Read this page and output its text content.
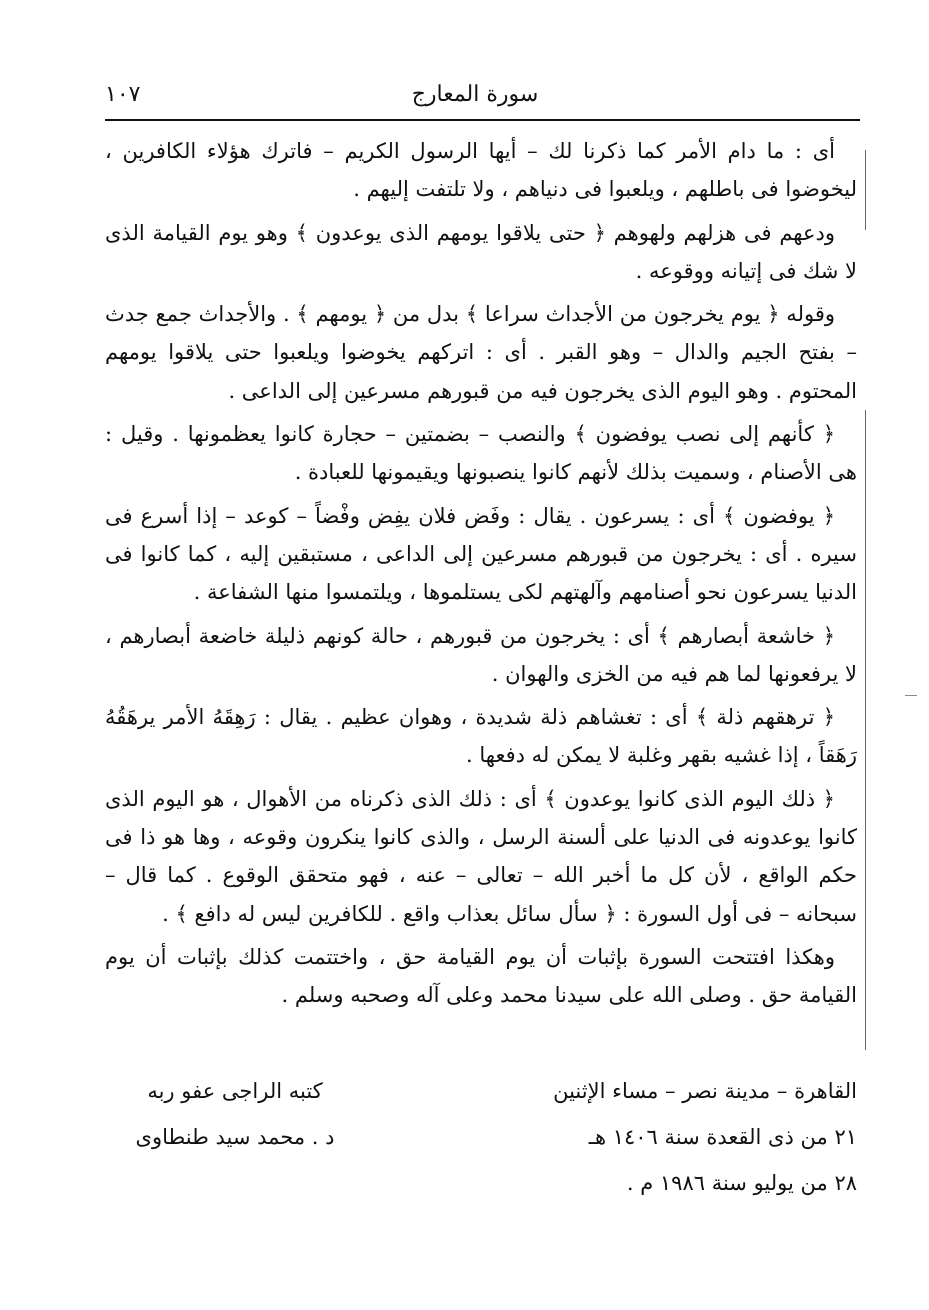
سورة المعارج
١٠٧

أى : ما دام الأمر كما ذكرنا لك – أيها الرسول الكريم – فاترك هؤلاء الكافرين ، ليخوضوا فى باطلهم ، ويلعبوا فى دنياهم ، ولا تلتفت إليهم .

ودعهم فى هزلهم ولهوهم ﴿ حتى يلاقوا يومهم الذى يوعدون ﴾ وهو يوم القيامة الذى لا شك فى إتيانه ووقوعه .

وقوله ﴿ يوم يخرجون من الأجداث سراعا ﴾ بدل من ﴿ يومهم ﴾ . والأجداث جمع جدث – بفتح الجيم والدال – وهو القبر . أى : اتركهم يخوضوا ويلعبوا حتى يلاقوا يومهم المحتوم . وهو اليوم الذى يخرجون فيه من قبورهم مسرعين إلى الداعى .

﴿ كأنهم إلى نصب يوفضون ﴾ والنصب – بضمتين – حجارة كانوا يعظمونها . وقيل : هى الأصنام ، وسميت بذلك لأنهم كانوا ينصبونها ويقيمونها للعبادة .

﴿ يوفضون ﴾ أى : يسرعون . يقال : وفَض فلان يفِض وفْضاً – كوعد – إذا أسرع فى سيره . أى : يخرجون من قبورهم مسرعين إلى الداعى ، مستبقين إليه ، كما كانوا فى الدنيا يسرعون نحو أصنامهم وآلهتهم لكى يستلموها ، ويلتمسوا منها الشفاعة .

﴿ خاشعة أبصارهم ﴾ أى : يخرجون من قبورهم ، حالة كونهم ذليلة خاضعة أبصارهم ، لا يرفعونها لما هم فيه من الخزى والهوان .

﴿ ترهقهم ذلة ﴾ أى : تغشاهم ذلة شديدة ، وهوان عظيم . يقال : رَهِقَهُ الأمر يرهَقُهُ رَهَقاً ، إذا غشيه بقهر وغلبة لا يمكن له دفعها .

﴿ ذلك اليوم الذى كانوا يوعدون ﴾ أى : ذلك الذى ذكرناه من الأهوال ، هو اليوم الذى كانوا يوعدونه فى الدنيا على ألسنة الرسل ، والذى كانوا ينكرون وقوعه ، وها هو ذا فى حكم الواقع ، لأن كل ما أخبر الله – تعالى – عنه ، فهو متحقق الوقوع . كما قال – سبحانه – فى أول السورة : ﴿ سأل سائل بعذاب واقع . للكافرين ليس له دافع ﴾ .

وهكذا افتتحت السورة بإثبات أن يوم القيامة حق ، واختتمت كذلك بإثبات أن يوم القيامة حق . وصلى الله على سيدنا محمد وعلى آله وصحبه وسلم .

القاهرة – مدينة نصر – مساء الإثنين
٢١ من ذى القعدة سنة ١٤٠٦ هـ
٢٨ من يوليو سنة ١٩٨٦ م .
كتبه الراجى عفو ربه
د . محمد سيد طنطاوى
